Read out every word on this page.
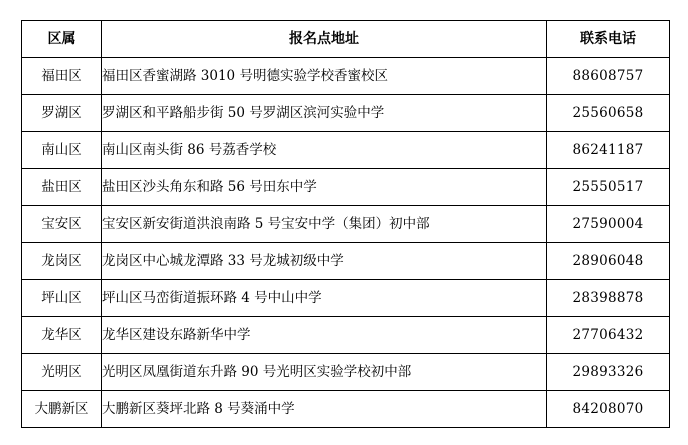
区属	报名点地址	联系电话
福田区	福田区香蜜湖路 3010 号明德实验学校香蜜校区	88608757
罗湖区	罗湖区和平路船步街 50 号罗湖区滨河实验中学	25560658
南山区	南山区南头街 86 号荔香学校	86241187
盐田区	盐田区沙头角东和路 56 号田东中学	25550517
宝安区	宝安区新安街道洪浪南路 5 号宝安中学（集团）初中部	27590004
龙岗区	龙岗区中心城龙潭路 33 号龙城初级中学	28906048
坪山区	坪山区马峦街道振环路 4 号中山中学	28398878
龙华区	龙华区建设东路新华中学	27706432
光明区	光明区凤凰街道东升路 90 号光明区实验学校初中部	29893326
大鹏新区	大鹏新区葵坪北路 8 号葵涌中学	84208070
